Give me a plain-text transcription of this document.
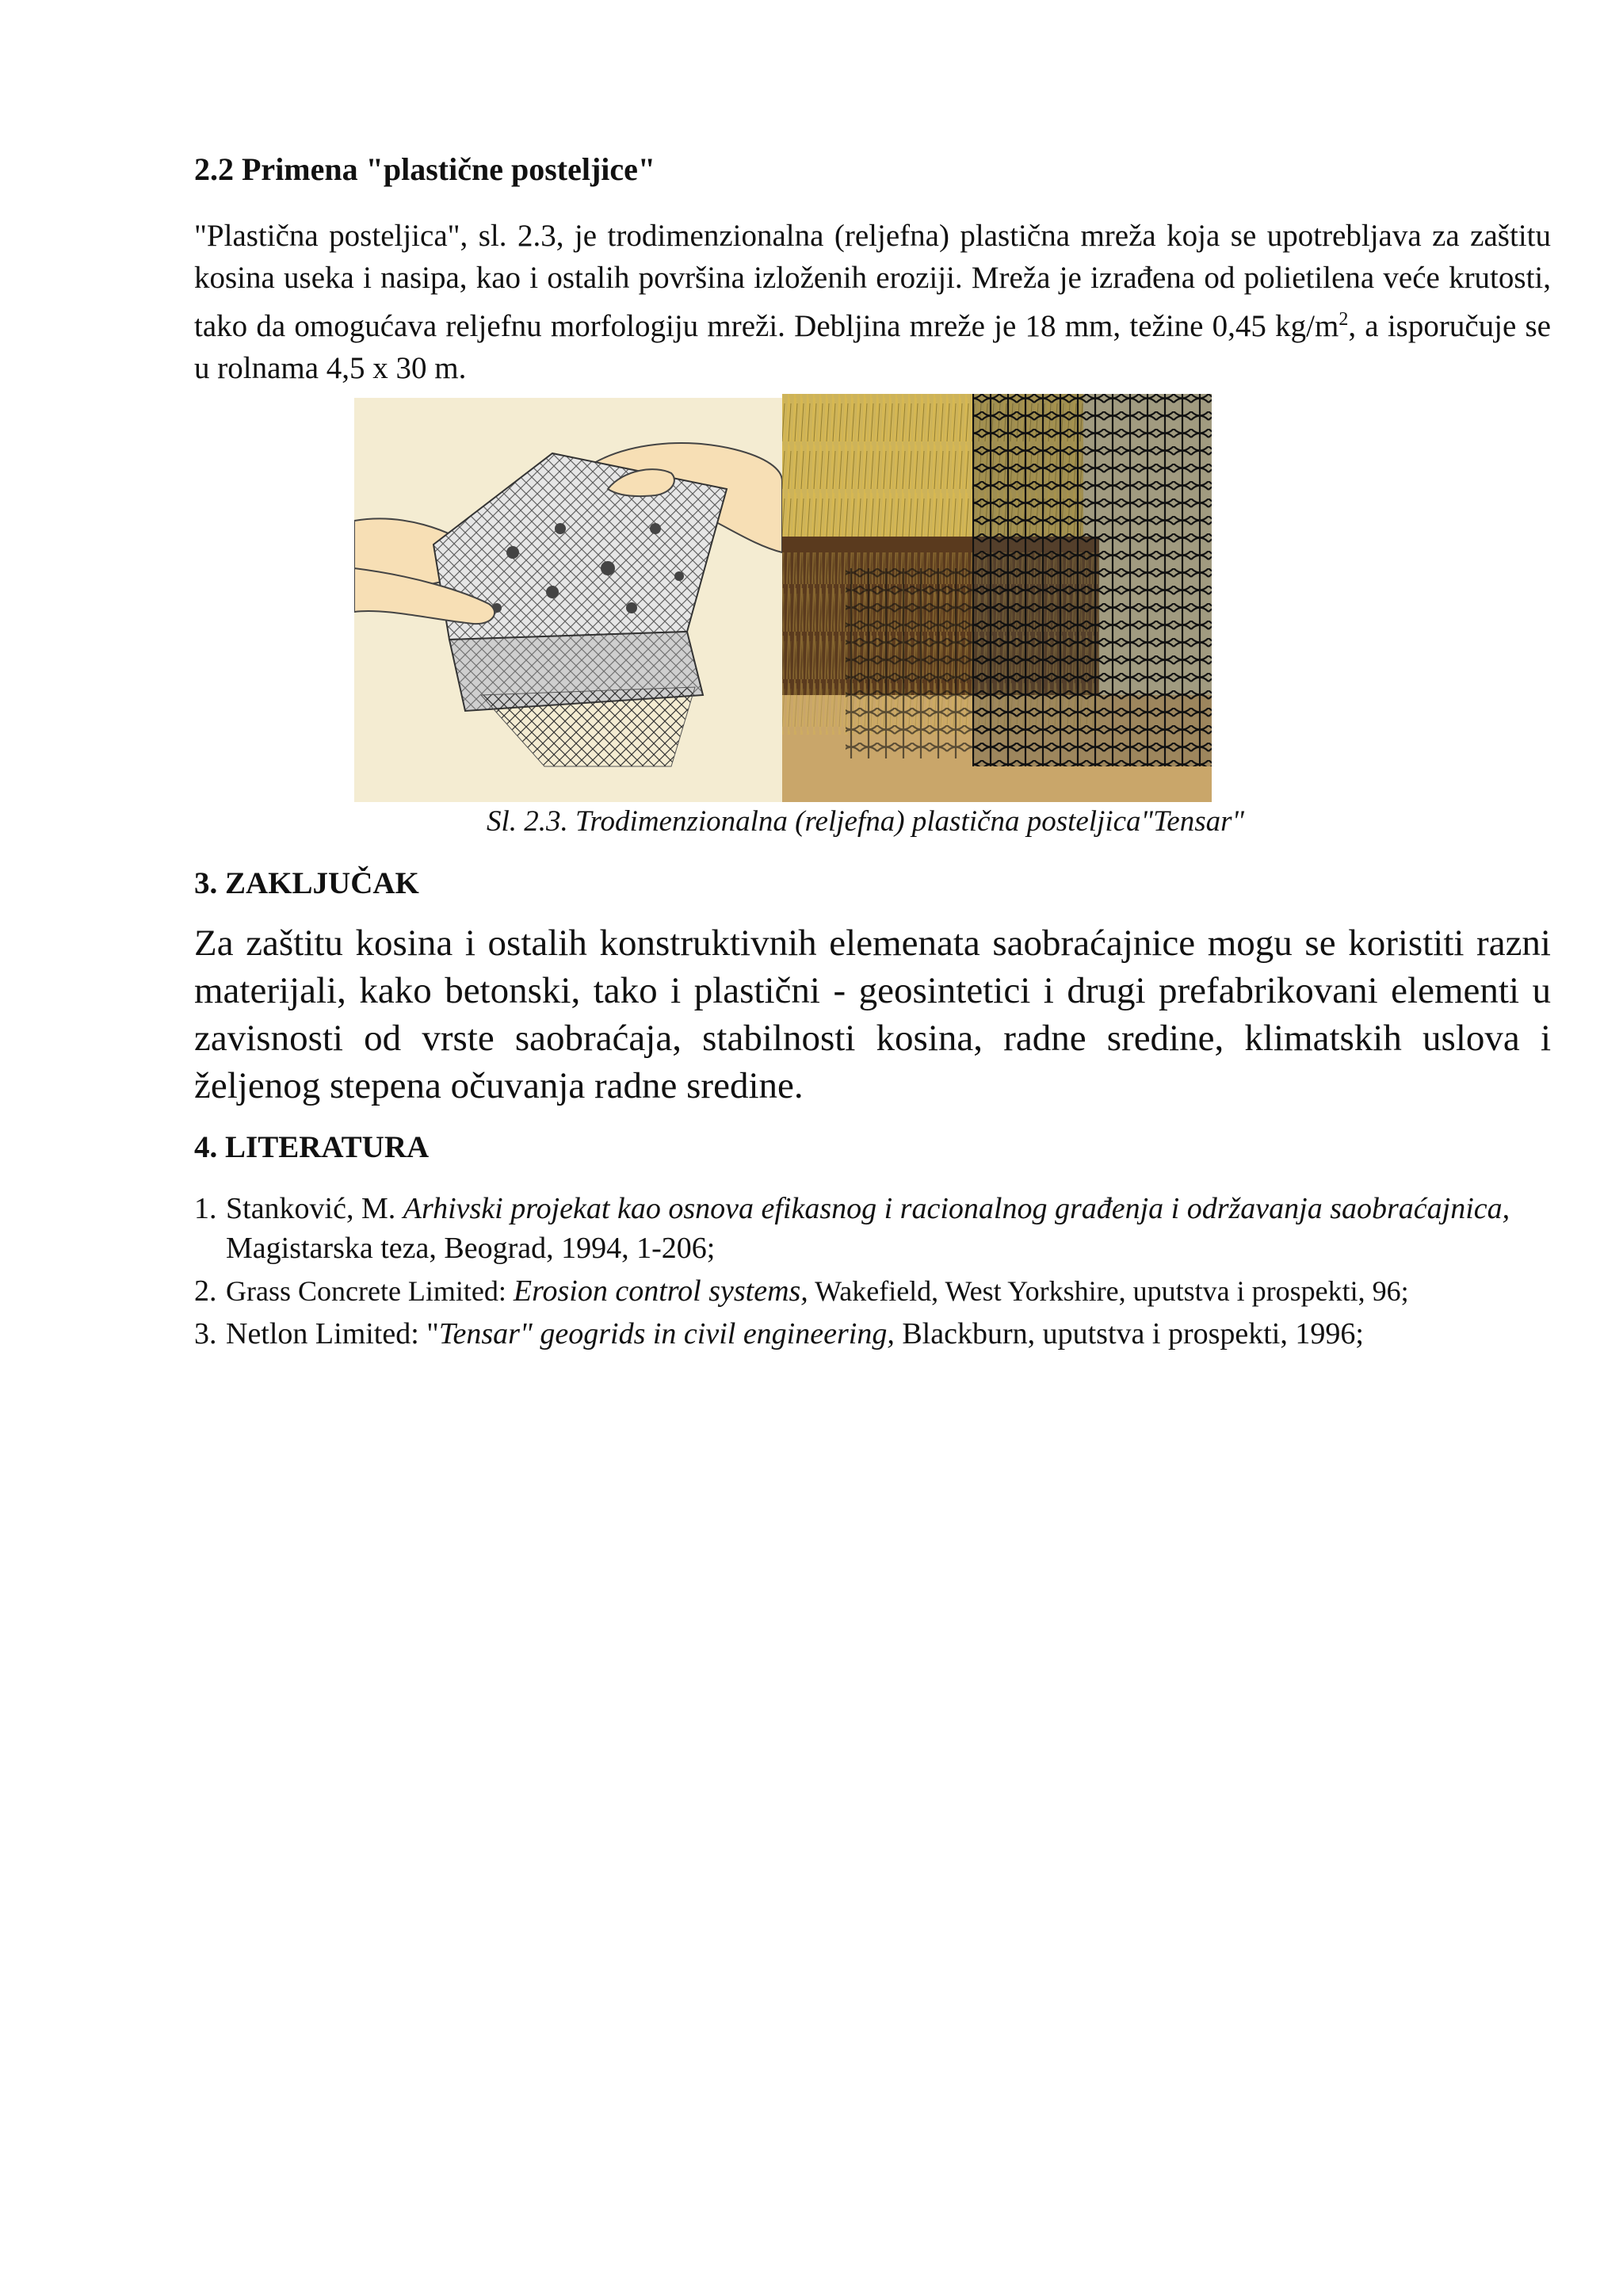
2.2 Primena "plastične posteljice"

"Plastična posteljica", sl. 2.3, je trodimenzionalna (reljefna) plastična mreža koja se upotrebljava za zaštitu kosina useka i nasipa, kao i ostalih površina izloženih eroziji. Mreža je izrađena od polietilena veće krutosti, tako da omogućava reljefnu morfologiju mreži. Debljina mreže je 18 mm, težine 0,45 $kg/m^2$, a isporučuje se u rolnama 4,5 x 30 m.

Sl. 2.3. Trodimenzionalna (reljefna) plastična posteljica"Tensar"

3. ZAKLJUČAK

Za zaštitu kosina i ostalih konstruktivnih elemenata saobraćajnice mogu se koristiti razni materijali, kako betonski, tako i plastični - geosintetici i drugi prefabrikovani elementi u zavisnosti od vrste saobraćaja, stabilnosti kosina, radne sredine, klimatskih uslova i željenog stepena očuvanja radne sredine.

4. LITERATURA
1. Stanković, M. Arhivski projekat kao osnova efikasnog i racionalnog građenja i održavanja saobraćajnica, Magistarska teza, Beograd, 1994, 1-206;
2. Grass Concrete Limited: Erosion control systems, Wakefield, West Yorkshire, uputstva i prospekti, 96;
3. Netlon Limited: "Tensar" geogrids in civil engineering, Blackburn, uputstva i prospekti, 1996;
